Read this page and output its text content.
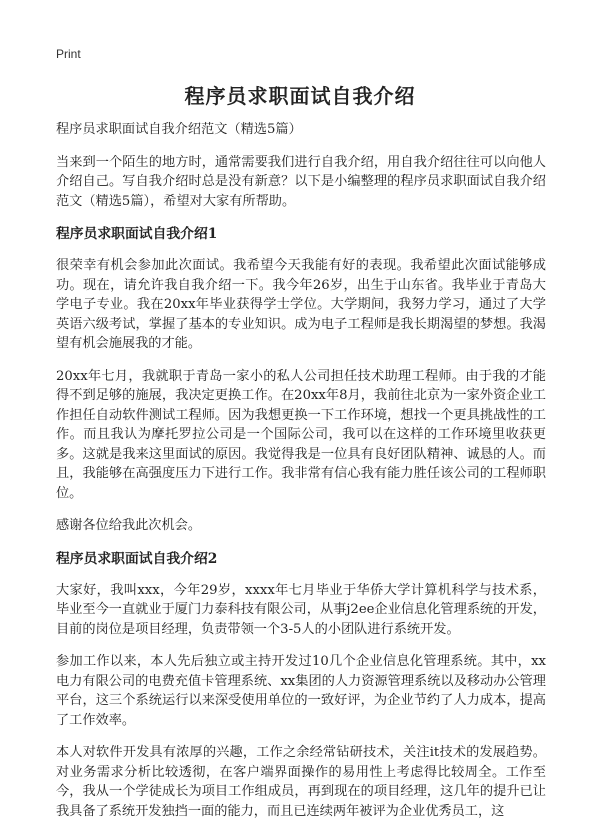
Print
程序员求职面试自我介绍

程序员求职面试自我介绍范文（精选5篇）

当来到一个陌生的地方时，通常需要我们进行自我介绍，用自我介绍往往可以向他人介绍自己。写自我介绍时总是没有新意？以下是小编整理的程序员求职面试自我介绍范文（精选5篇），希望对大家有所帮助。

程序员求职面试自我介绍1

很荣幸有机会参加此次面试。我希望今天我能有好的表现。我希望此次面试能够成功。现在，请允许我自我介绍一下。我今年26岁，出生于山东省。我毕业于青岛大学电子专业。我在20xx年毕业获得学士学位。大学期间，我努力学习，通过了大学英语六级考试，掌握了基本的专业知识。成为电子工程师是我长期渴望的梦想。我渴望有机会施展我的才能。

20xx年七月，我就职于青岛一家小的私人公司担任技术助理工程师。由于我的才能得不到足够的施展，我决定更换工作。在20xx年8月，我前往北京为一家外资企业工作担任自动软件测试工程师。因为我想更换一下工作环境，想找一个更具挑战性的工作。而且我认为摩托罗拉公司是一个国际公司，我可以在这样的工作环境里收获更多。这就是我来这里面试的原因。我觉得我是一位具有良好团队精神、诚恳的人。而且，我能够在高强度压力下进行工作。我非常有信心我有能力胜任该公司的工程师职位。

感谢各位给我此次机会。

程序员求职面试自我介绍2

大家好，我叫xxx，今年29岁，xxxx年七月毕业于华侨大学计算机科学与技术系，毕业至今一直就业于厦门力泰科技有限公司，从事j2ee企业信息化管理系统的开发，目前的岗位是项目经理，负责带领一个3-5人的小团队进行系统开发。

参加工作以来，本人先后独立或主持开发过10几个企业信息化管理系统。其中，xx电力有限公司的电费充值卡管理系统、xx集团的人力资源管理系统以及移动办公管理平台，这三个系统运行以来深受使用单位的一致好评，为企业节约了人力成本，提高了工作效率。

本人对软件开发具有浓厚的兴趣，工作之余经常钻研技术，关注it技术的发展趋势。对业务需求分析比较透彻，在客户端界面操作的易用性上考虑得比较周全。工作至今，我从一个学徒成长为项目工作组成员，再到现在的项目经理，这几年的提升已让我具备了系统开发独挡一面的能力，而且已连续两年被评为企业优秀员工，这
